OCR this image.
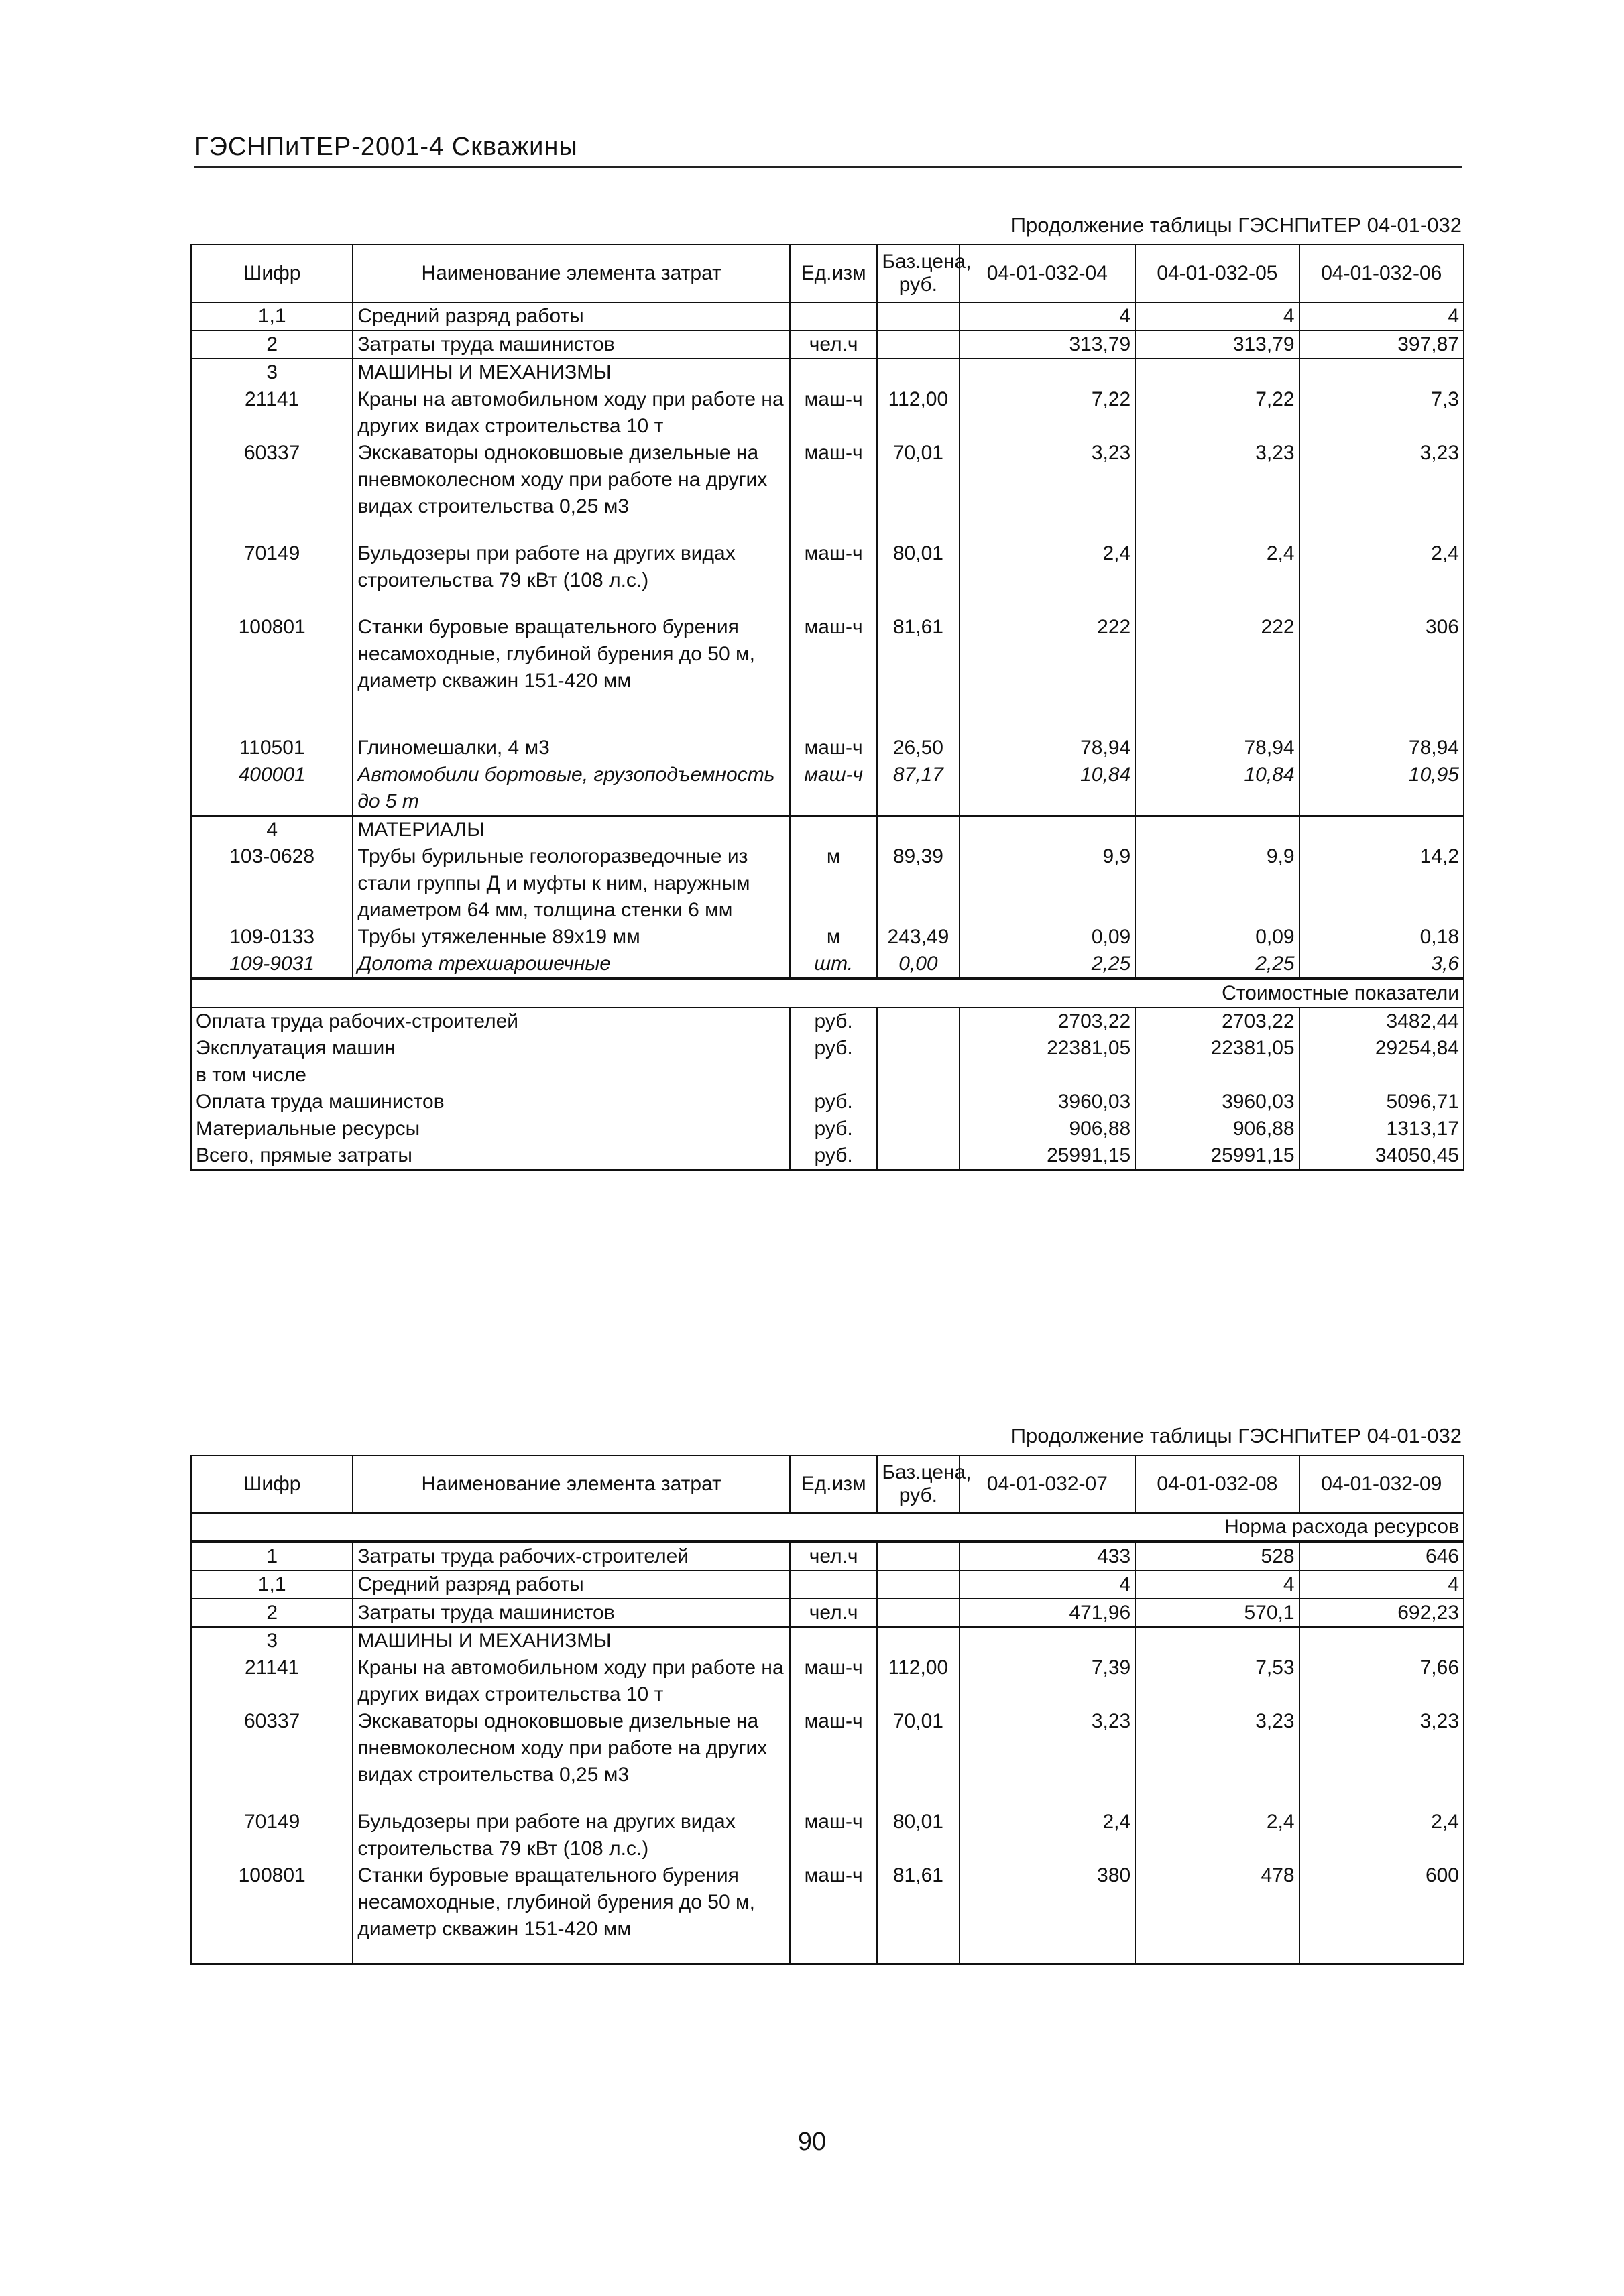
ГЭСНПиТЕР-2001-4 Скважины
Продолжение таблицы ГЭСНПиТЕР 04-01-032
Шифр	Наименование элемента затрат	Ед.изм	Баз.цена, руб.	04-01-032-04	04-01-032-05	04-01-032-06
1,1	Средний разряд работы			4	4	4
2	Затраты труда машинистов	чел.ч		313,79	313,79	397,87
3	МАШИНЫ И МЕХАНИЗМЫ					
21141	Краны на автомобильном ходу при работе на других видах строительства 10 т	маш-ч	112,00	7,22	7,22	7,3
60337	Экскаваторы одноковшовые дизельные на пневмоколесном ходу при работе на других видах строительства 0,25 м3	маш-ч	70,01	3,23	3,23	3,23

70149	Бульдозеры при работе на других видах строительства 79 кВт (108 л.с.)	маш-ч	80,01	2,4	2,4	2,4

100801	Станки буровые вращательного бурения несамоходные, глубиной бурения до 50 м, диаметр скважин 151-420 мм	маш-ч	81,61	222	222	306

110501	Глиномешалки, 4 м3	маш-ч	26,50	78,94	78,94	78,94
400001	Автомобили бортовые, грузоподъемность до 5 т	маш-ч	87,17	10,84	10,84	10,95
4	МАТЕРИАЛЫ					
103-0628	Трубы бурильные геологоразведочные из стали группы Д и муфты к ним, наружным диаметром 64 мм, толщина стенки 6 мм	м	89,39	9,9	9,9	14,2
109-0133	Трубы утяжеленные 89х19 мм	м	243,49	0,09	0,09	0,18
109-9031	Долота трехшарошечные	шт.	0,00	2,25	2,25	3,6
Стоимостные показатели						
Оплата труда рабочих-строителей		руб.		2703,22	2703,22	3482,44
Эксплуатация машин		руб.		22381,05	22381,05	29254,84
в том числе						
Оплата труда машинистов		руб.		3960,03	3960,03	5096,71
Материальные ресурсы		руб.		906,88	906,88	1313,17
Всего, прямые затраты		руб.		25991,15	25991,15	34050,45
Продолжение таблицы ГЭСНПиТЕР 04-01-032
Шифр	Наименование элемента затрат	Ед.изм	Баз.цена, руб.	04-01-032-07	04-01-032-08	04-01-032-09
Норма расхода ресурсов						
1	Затраты труда рабочих-строителей	чел.ч		433	528	646
1,1	Средний разряд работы			4	4	4
2	Затраты труда машинистов	чел.ч		471,96	570,1	692,23
3	МАШИНЫ И МЕХАНИЗМЫ					
21141	Краны на автомобильном ходу при работе на других видах строительства 10 т	маш-ч	112,00	7,39	7,53	7,66
60337	Экскаваторы одноковшовые дизельные на пневмоколесном ходу при работе на других видах строительства 0,25 м3	маш-ч	70,01	3,23	3,23	3,23

70149	Бульдозеры при работе на других видах строительства 79 кВт (108 л.с.)	маш-ч	80,01	2,4	2,4	2,4
100801	Станки буровые вращательного бурения несамоходные, глубиной бурения до 50 м, диаметр скважин 151-420 мм	маш-ч	81,61	380	478	600

90
